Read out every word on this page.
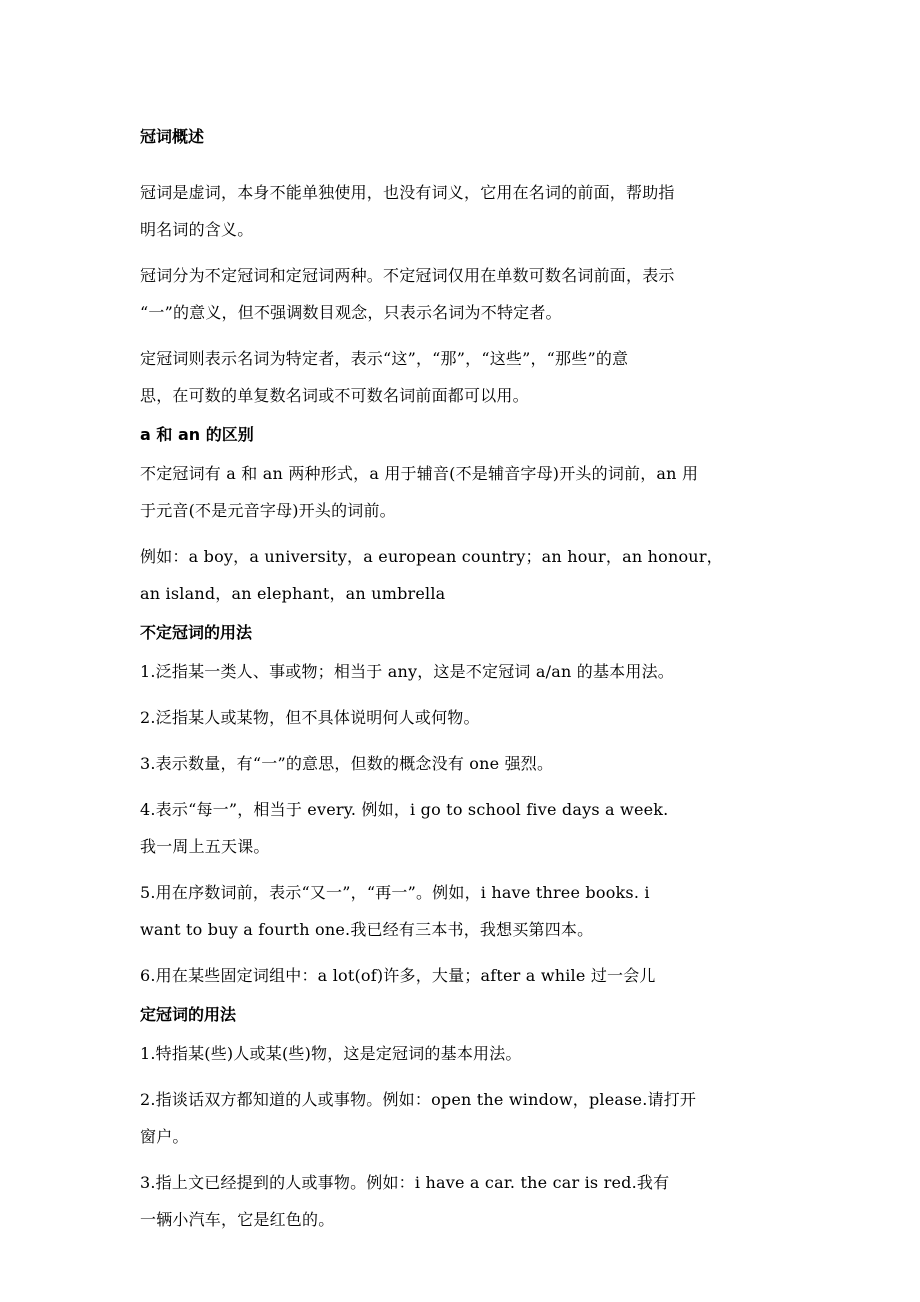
冠词概述

冠词是虚词，本身不能单独使用，也没有词义，它用在名词的前面，帮助指
明名词的含义。

冠词分为不定冠词和定冠词两种。不定冠词仅用在单数可数名词前面，表示
“一”的意义，但不强调数目观念，只表示名词为不特定者。

定冠词则表示名词为特定者，表示“这”，“那”，“这些”，“那些”的意
思，在可数的单复数名词或不可数名词前面都可以用。

a 和 an 的区别

不定冠词有 a 和 an 两种形式，a 用于辅音(不是辅音字母)开头的词前，an 用
于元音(不是元音字母)开头的词前。

例如：a boy，a university，a european country；an hour，an honour，
an island，an elephant，an umbrella

不定冠词的用法

1.泛指某一类人、事或物；相当于 any，这是不定冠词 a/an 的基本用法。

2.泛指某人或某物，但不具体说明何人或何物。

3.表示数量，有“一”的意思，但数的概念没有 one 强烈。

4.表示“每一”，相当于 every. 例如，i go to school five days a week.
我一周上五天课。

5.用在序数词前，表示“又一”，“再一”。例如，i have three books. i
want to buy a fourth one.我已经有三本书，我想买第四本。

6.用在某些固定词组中：a lot(of)许多，大量；after a while 过一会儿

定冠词的用法

1.特指某(些)人或某(些)物，这是定冠词的基本用法。

2.指谈话双方都知道的人或事物。例如：open the window，please.请打开
窗户。

3.指上文已经提到的人或事物。例如：i have a car. the car is red.我有
一辆小汽车，它是红色的。
